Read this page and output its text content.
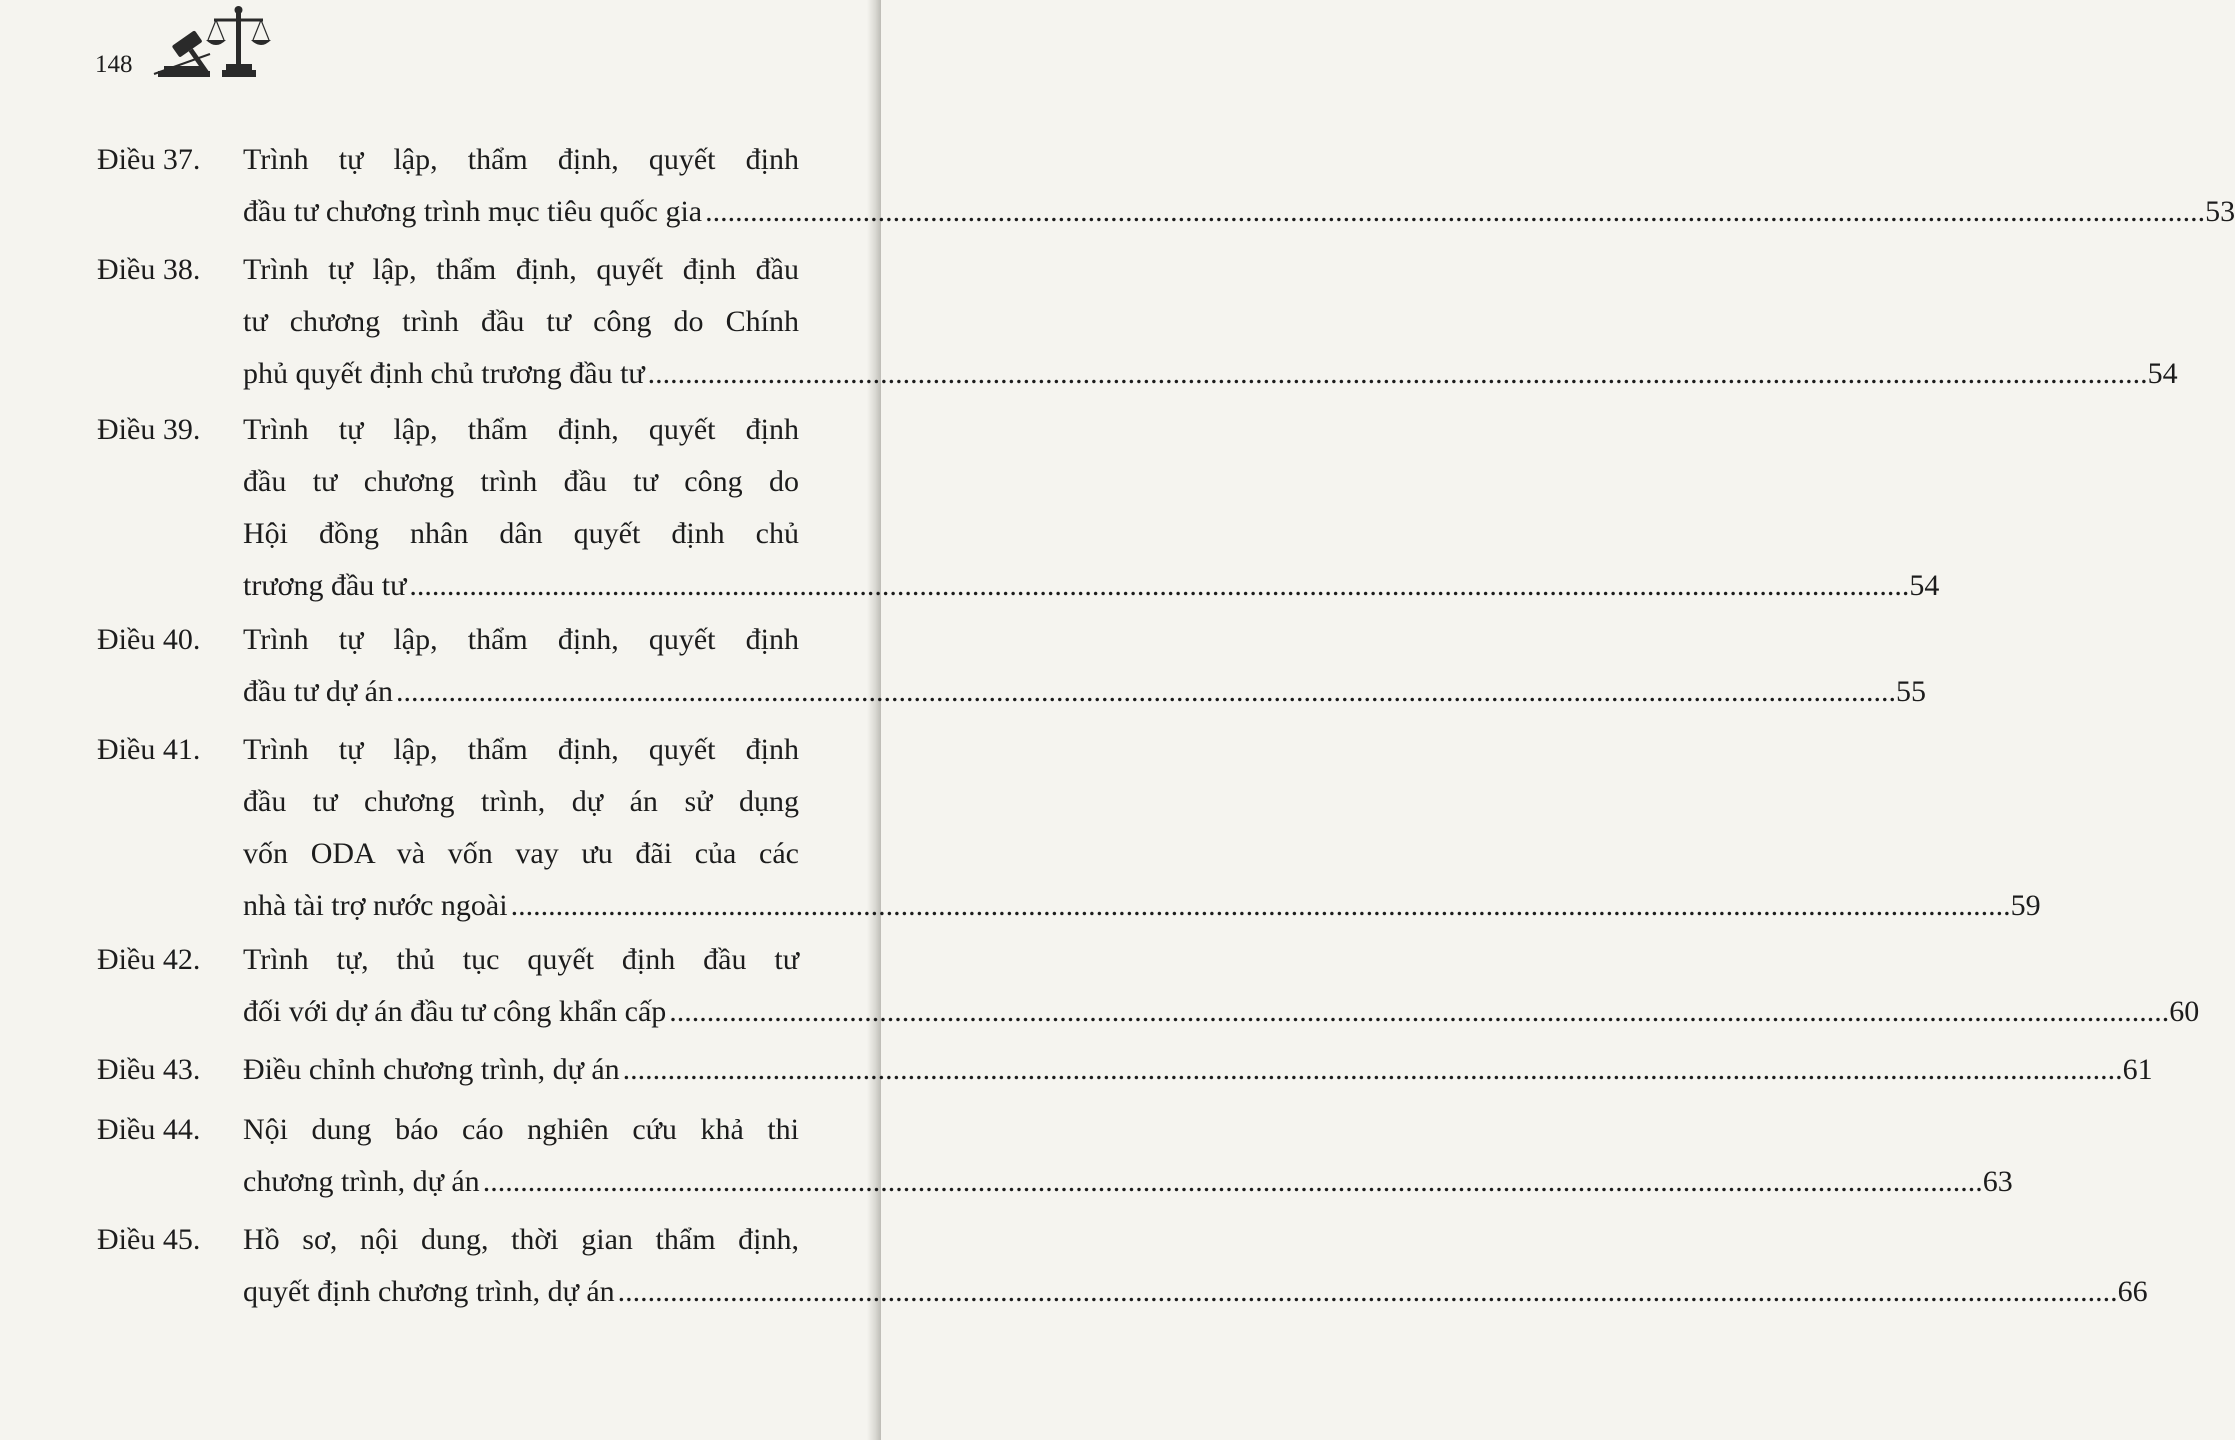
148
Điều 37. Trình tự lập, thẩm định, quyết định
đầu tư chương trình mục tiêu quốc gia ........................................................................................................................................................................................................ 53
Điều 38. Trình tự lập, thẩm định, quyết định đầu
tư chương trình đầu tư công do Chính
phủ quyết định chủ trương đầu tư ........................................................................................................................................................................................................ 54
Điều 39. Trình tự lập, thẩm định, quyết định
đầu tư chương trình đầu tư công do
Hội đồng nhân dân quyết định chủ
trương đầu tư ........................................................................................................................................................................................................ 54
Điều 40. Trình tự lập, thẩm định, quyết định
đầu tư dự án ........................................................................................................................................................................................................ 55
Điều 41. Trình tự lập, thẩm định, quyết định
đầu tư chương trình, dự án sử dụng
vốn ODA và vốn vay ưu đãi của các
nhà tài trợ nước ngoài ........................................................................................................................................................................................................ 59
Điều 42. Trình tự, thủ tục quyết định đầu tư
đối với dự án đầu tư công khẩn cấp ........................................................................................................................................................................................................ 60
Điều 43. Điều chỉnh chương trình, dự án ........................................................................................................................................................................................................ 61
Điều 44. Nội dung báo cáo nghiên cứu khả thi
chương trình, dự án ........................................................................................................................................................................................................ 63
Điều 45. Hồ sơ, nội dung, thời gian thẩm định,
quyết định chương trình, dự án ........................................................................................................................................................................................................ 66
